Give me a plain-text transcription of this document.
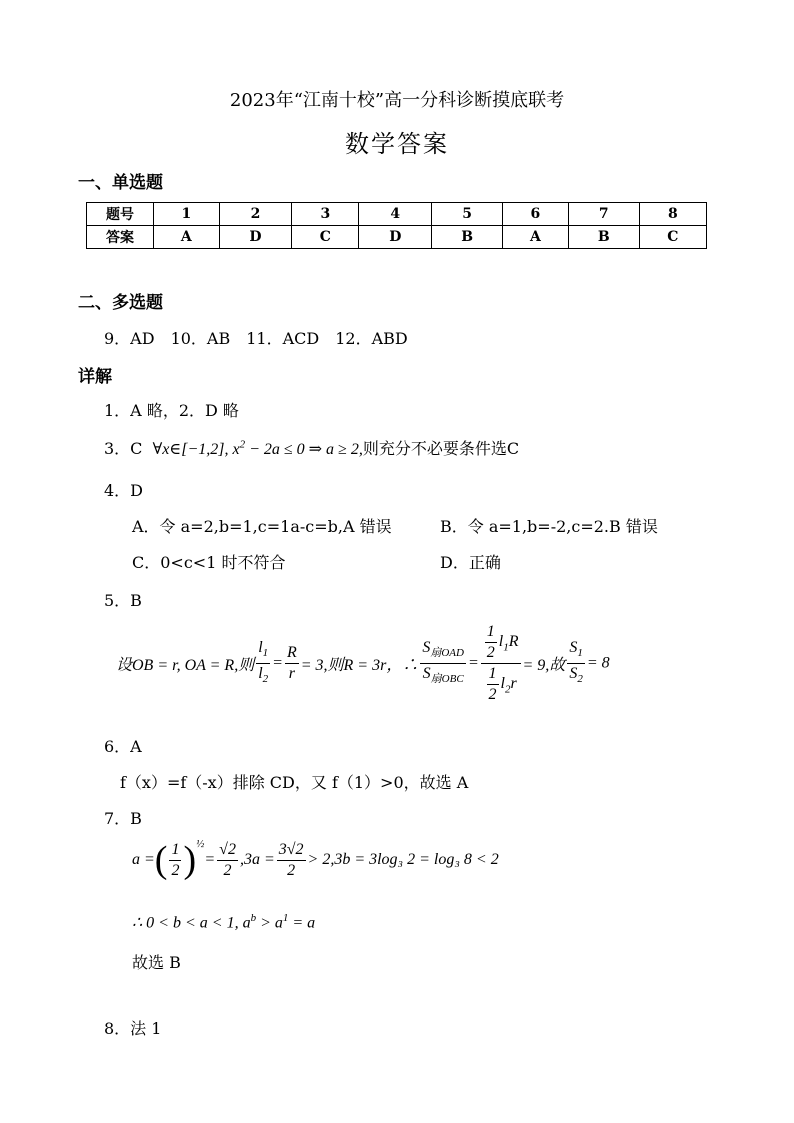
2023年“江南十校”高一分科诊断摸底联考
数学答案
一、单选题
题号	1	2	3	4	5	6	7	8
答案	A	D	C	D	B	A	B	C
二、多选题
9．AD　10．AB　11．ACD　12．ABD
详解
1．A 略，2．D 略
3．C ∀x∈[−1,2], $x^2 - 2a \le 0$ ⇒ a ≥ 2,则充分不必要条件选C
4．D
A．令 a=2,b=1,c=1a-c=b,A 错误	B．令 a=1,b=-2,c=2.B 错误
C．0<c<1 时不符合	D．正确
5．B
设OB = r, OA = R,则 $\frac{l_1}{l_2} = \frac{R}{r} = 3$,则R = 3r，∴ $\frac{S_{扇OAD}}{S_{扇OBC}} = \frac{\frac{1}{2} l_1R}{\frac{1}{2} l_2r} = 9$,故 $\frac{S_1}{S_2} = 8$
6．A
f（x）=f（-x）排除 CD，又 f（1）>0，故选 A
7．B
a =( $\frac{1}{2} )^{\frac{1}{2}}= \frac{√2}{2} ,3a = \frac{3√2}{2} > 2,3b = 3\log_3$ 2 = log₃ 8 < 2
∴ 0 < b < a < 1, $a^b > a^1 = a$
故选 B
8．法 1
